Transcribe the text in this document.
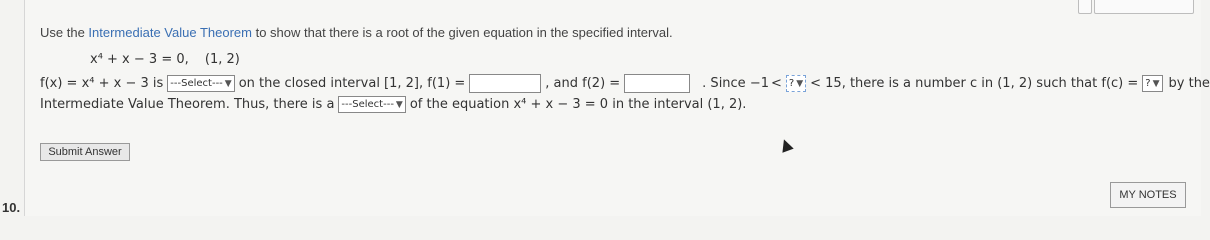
Use the Intermediate Value Theorem to show that there is a root of the given equation in the specified interval.
x⁴ + x − 3 = 0, (1, 2)
f(x) = x⁴ + x − 3 is ---Select--- ▼ on the closed interval [1, 2], f(1) =	, and f(2) =	. Since −1 < ? ▼ < 15, there is a number c in (1, 2) such that f(c) = ? ▼ by the
Intermediate Value Theorem. Thus, there is a ---Select--- ▼ of the equation x⁴ + x − 3 = 0 in the interval (1, 2).
Submit Answer
MY NOTES
10.
